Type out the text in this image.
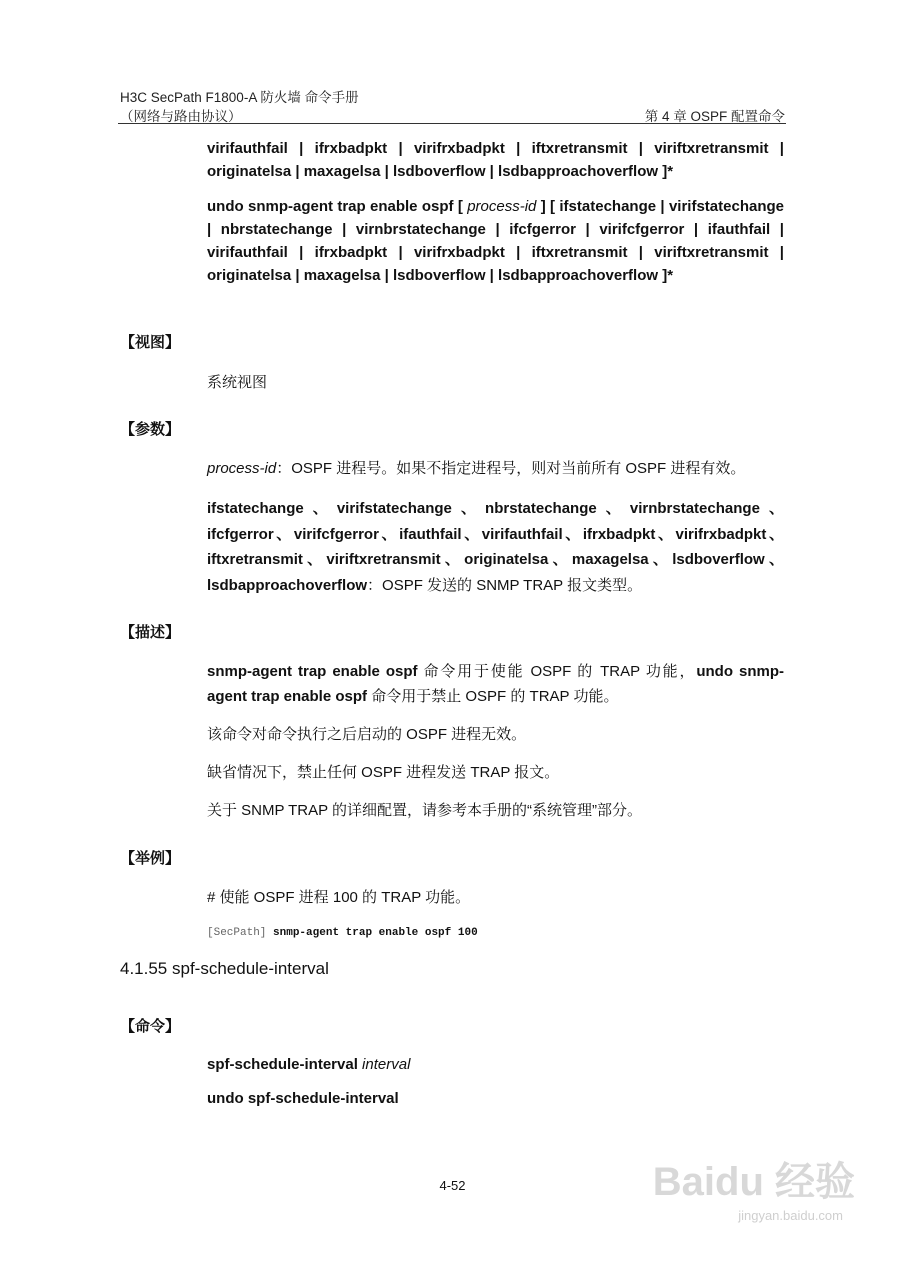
H3C SecPath F1800-A 防火墙 命令手册
（网络与路由协议）	第 4 章 OSPF 配置命令
virifauthfail | ifrxbadpkt | virifrxbadpkt | iftxretransmit | viriftxretransmit | originatelsa | maxagelsa | lsdboverflow | lsdbapproachoverflow ]*
undo snmp-agent trap enable ospf [ process-id ] [ ifstatechange | virifstatechange | nbrstatechange | virnbrstatechange | ifcfgerror | virifcfgerror | ifauthfail | virifauthfail | ifrxbadpkt | virifrxbadpkt | iftxretransmit | viriftxretransmit | originatelsa | maxagelsa | lsdboverflow | lsdbapproachoverflow ]*
【视图】
系统视图
【参数】
process-id：OSPF 进程号。如果不指定进程号，则对当前所有 OSPF 进程有效。
ifstatechange、virifstatechange、nbrstatechange、virnbrstatechange、ifcfgerror、virifcfgerror、ifauthfail、virifauthfail、ifrxbadpkt、virifrxbadpkt、iftxretransmit、viriftxretransmit、originatelsa、maxagelsa、lsdboverflow、lsdbapproachoverflow：OSPF 发送的 SNMP TRAP 报文类型。
【描述】
snmp-agent trap enable ospf 命令用于使能 OSPF 的 TRAP 功能，undo snmp-agent trap enable ospf 命令用于禁止 OSPF 的 TRAP 功能。
该命令对命令执行之后启动的 OSPF 进程无效。
缺省情况下，禁止任何 OSPF 进程发送 TRAP 报文。
关于 SNMP TRAP 的详细配置，请参考本手册的“系统管理”部分。
【举例】
# 使能 OSPF 进程 100 的 TRAP 功能。
[SecPath] snmp-agent trap enable ospf 100
4.1.55 spf-schedule-interval
【命令】
spf-schedule-interval interval
undo spf-schedule-interval
4-52	Baidu 经验
jingyan.baidu.com
